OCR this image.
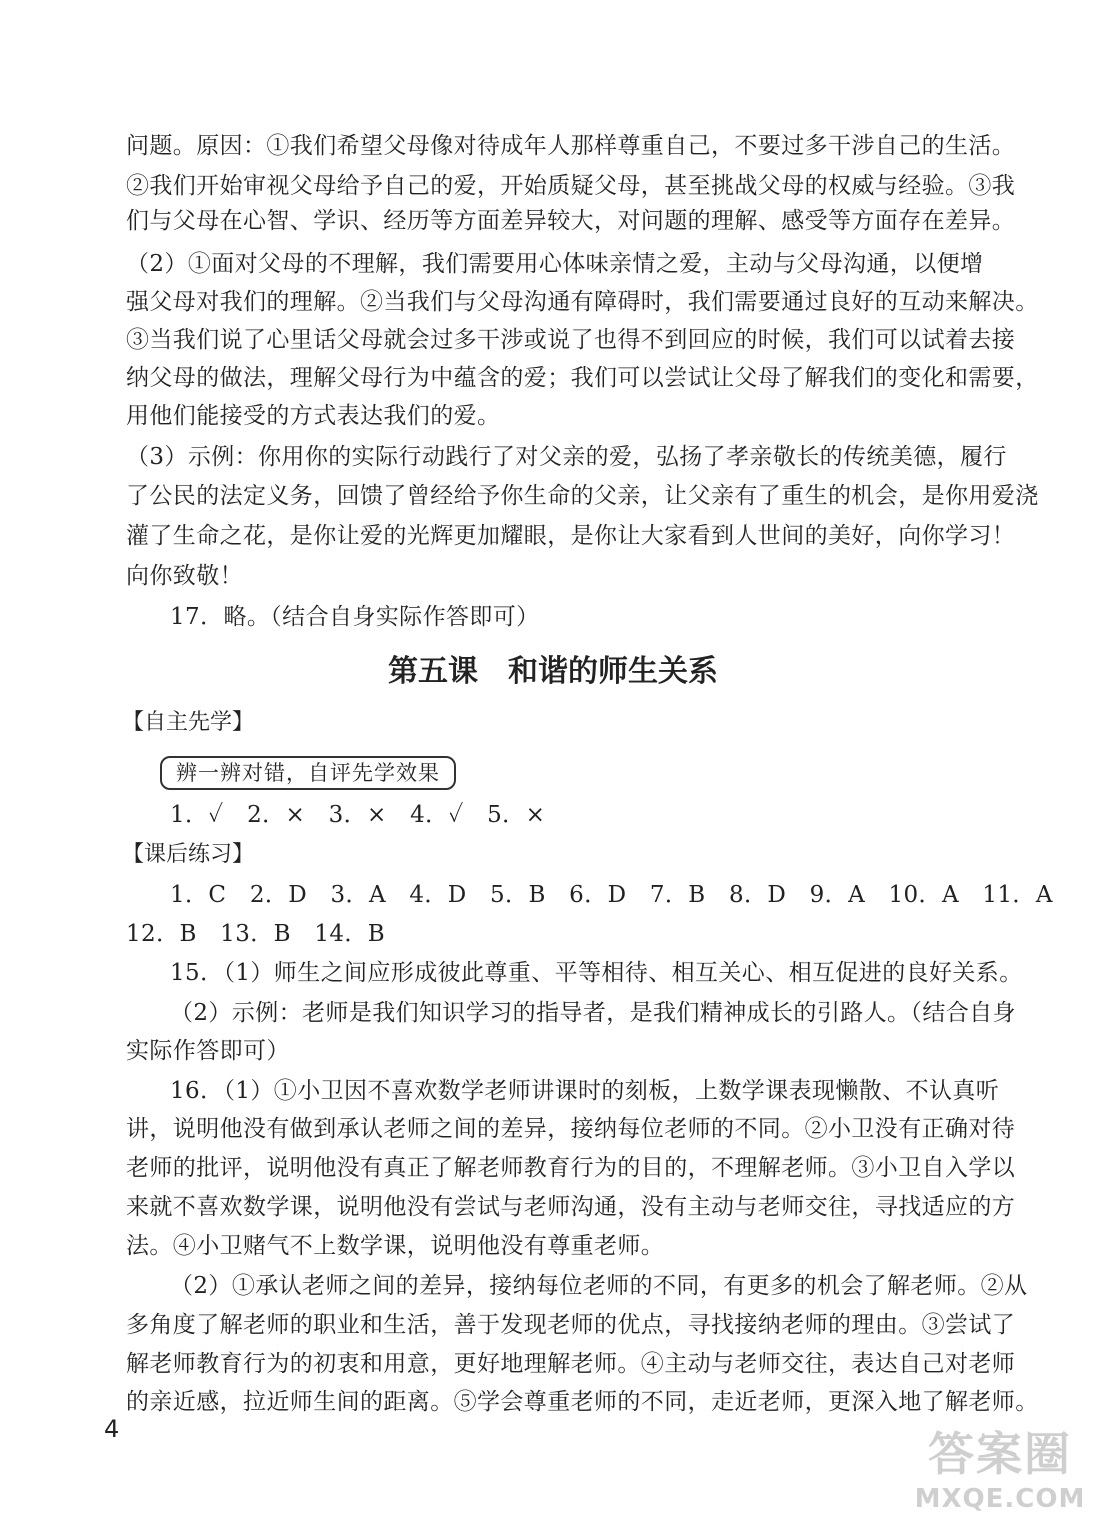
问题。原因：①我们希望父母像对待成年人那样尊重自己，不要过多干涉自己的生活。
②我们开始审视父母给予自己的爱，开始质疑父母，甚至挑战父母的权威与经验。③我
们与父母在心智、学识、经历等方面差异较大，对问题的理解、感受等方面存在差异。
（2）①面对父母的不理解，我们需要用心体味亲情之爱，主动与父母沟通，以便增
强父母对我们的理解。②当我们与父母沟通有障碍时，我们需要通过良好的互动来解决。
③当我们说了心里话父母就会过多干涉或说了也得不到回应的时候，我们可以试着去接
纳父母的做法，理解父母行为中蕴含的爱；我们可以尝试让父母了解我们的变化和需要，
用他们能接受的方式表达我们的爱。
（3）示例：你用你的实际行动践行了对父亲的爱，弘扬了孝亲敬长的传统美德，履行
了公民的法定义务，回馈了曾经给予你生命的父亲，让父亲有了重生的机会，是你用爱浇
灌了生命之花，是你让爱的光辉更加耀眼，是你让大家看到人世间的美好，向你学习！
向你致敬！
17．略。（结合自身实际作答即可）
第五课　和谐的师生关系
【自主先学】
辨一辨对错，自评先学效果
1．✓　2．×　3．×　4．✓　5．×
【课后练习】
1．C　2．D　3．A　4．D　5．B　6．D　7．B　8．D　9．A　10．A　11．A
12．B　13．B　14．B
15．（1）师生之间应形成彼此尊重、平等相待、相互关心、相互促进的良好关系。
（2）示例：老师是我们知识学习的指导者，是我们精神成长的引路人。（结合自身
实际作答即可）
16．（1）①小卫因不喜欢数学老师讲课时的刻板，上数学课表现懒散、不认真听
讲，说明他没有做到承认老师之间的差异，接纳每位老师的不同。②小卫没有正确对待
老师的批评，说明他没有真正了解老师教育行为的目的，不理解老师。③小卫自入学以
来就不喜欢数学课，说明他没有尝试与老师沟通，没有主动与老师交往，寻找适应的方
法。④小卫赌气不上数学课，说明他没有尊重老师。
（2）①承认老师之间的差异，接纳每位老师的不同，有更多的机会了解老师。②从
多角度了解老师的职业和生活，善于发现老师的优点，寻找接纳老师的理由。③尝试了
解老师教育行为的初衷和用意，更好地理解老师。④主动与老师交往，表达自己对老师
的亲近感，拉近师生间的距离。⑤学会尊重老师的不同，走近老师，更深入地了解老师。
4	答案圈
MXQE.COM
